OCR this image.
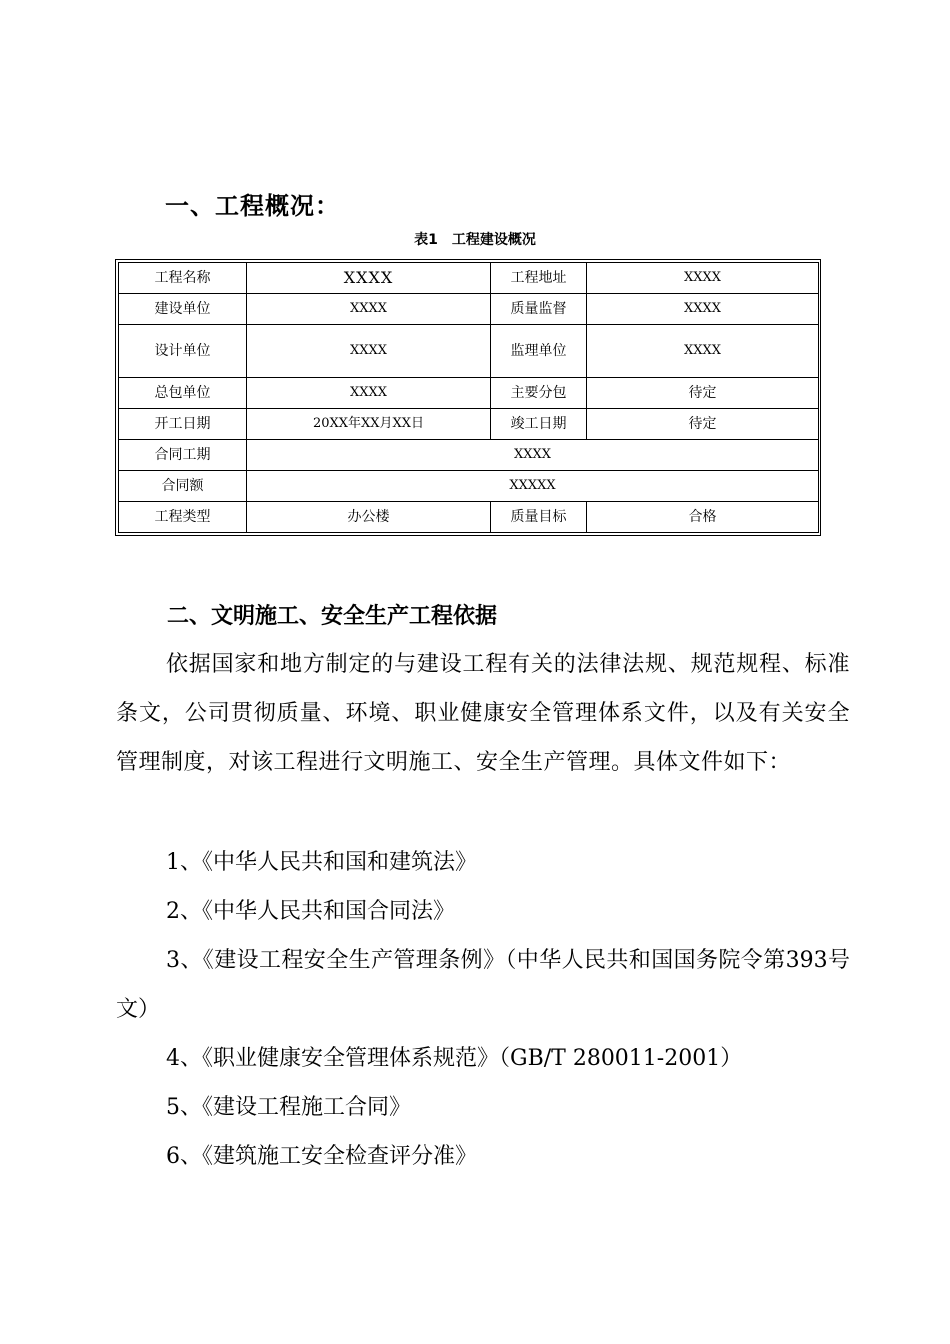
一、工程概况：
表1　工程建设概况
工程名称	XXXX	工程地址	XXXX
建设单位	XXXX	质量监督	XXXX
设计单位	XXXX	监理单位	XXXX
总包单位	XXXX	主要分包	待定
开工日期	20XX年XX月XX日	竣工日期	待定
合同工期	XXXX		
合同额	XXXXX		
工程类型	办公楼	质量目标	合格
二、文明施工、安全生产工程依据
依据国家和地方制定的与建设工程有关的法律法规、规范规程、标准条文，公司贯彻质量、环境、职业健康安全管理体系文件，以及有关安全管理制度，对该工程进行文明施工、安全生产管理。具体文件如下：
1、《中华人民共和国和建筑法》
2、《中华人民共和国合同法》
3、《建设工程安全生产管理条例》（中华人民共和国国务院令第393号文）
4、《职业健康安全管理体系规范》（GB/T 280011-2001）
5、《建设工程施工合同》
6、《建筑施工安全检查评分准》
